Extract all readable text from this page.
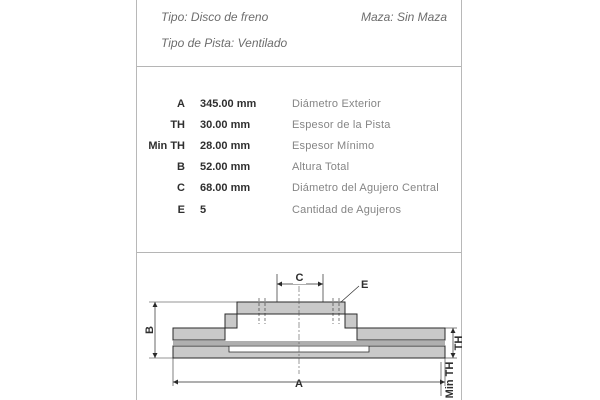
Tipo: Disco de freno	Maza: Sin Maza
Tipo de Pista: Ventilado
A 345.00 mm	Diámetro Exterior
TH 30.00 mm	Espesor de la Pista
Min TH 28.00 mm	Espesor Mínimo
B 52.00 mm	Altura Total
C 68.00 mm	Diámetro del Agujero Central
E 5	Cantidad de Agujeros
C
E
B
A
TH
Min TH
